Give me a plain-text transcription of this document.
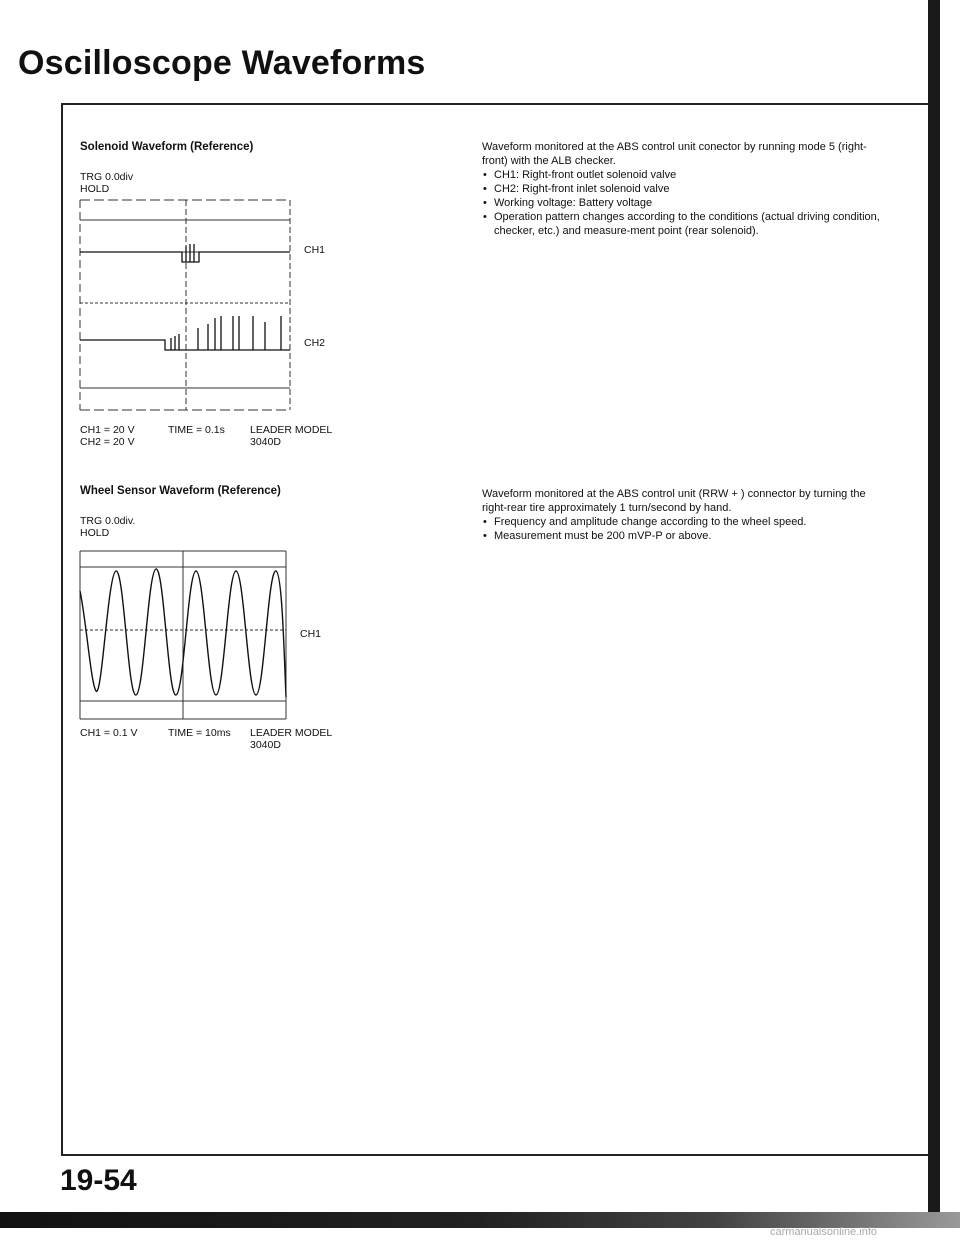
Oscilloscope Waveforms
Solenoid Waveform (Reference)
TRG 0.0div
HOLD
CH1
CH2
CH1 = 20 V
CH2 = 20 V
TIME = 0.1s LEADER MODEL
3040D
Waveform monitored at the ABS control unit conector by running mode 5 (right-front) with the ALB checker.
• CH1: Right-front outlet solenoid valve
• CH2: Right-front inlet solenoid valve
• Working voltage: Battery voltage
• Operation pattern changes according to the conditions (actual driving condition, checker, etc.) and measure-ment point (rear solenoid).
Wheel Sensor Waveform (Reference)
TRG 0.0div.
HOLD
CH1
CH1 = 0.1 V	TIME = 10ms LEADER MODEL
3040D
Waveform monitored at the ABS control unit (RRW + ) connector by turning the right-rear tire approximately 1 turn/second by hand.
• Frequency and amplitude change according to the wheel speed.
• Measurement must be 200 mVP-P or above.
19-54
carmanualsonline.info
